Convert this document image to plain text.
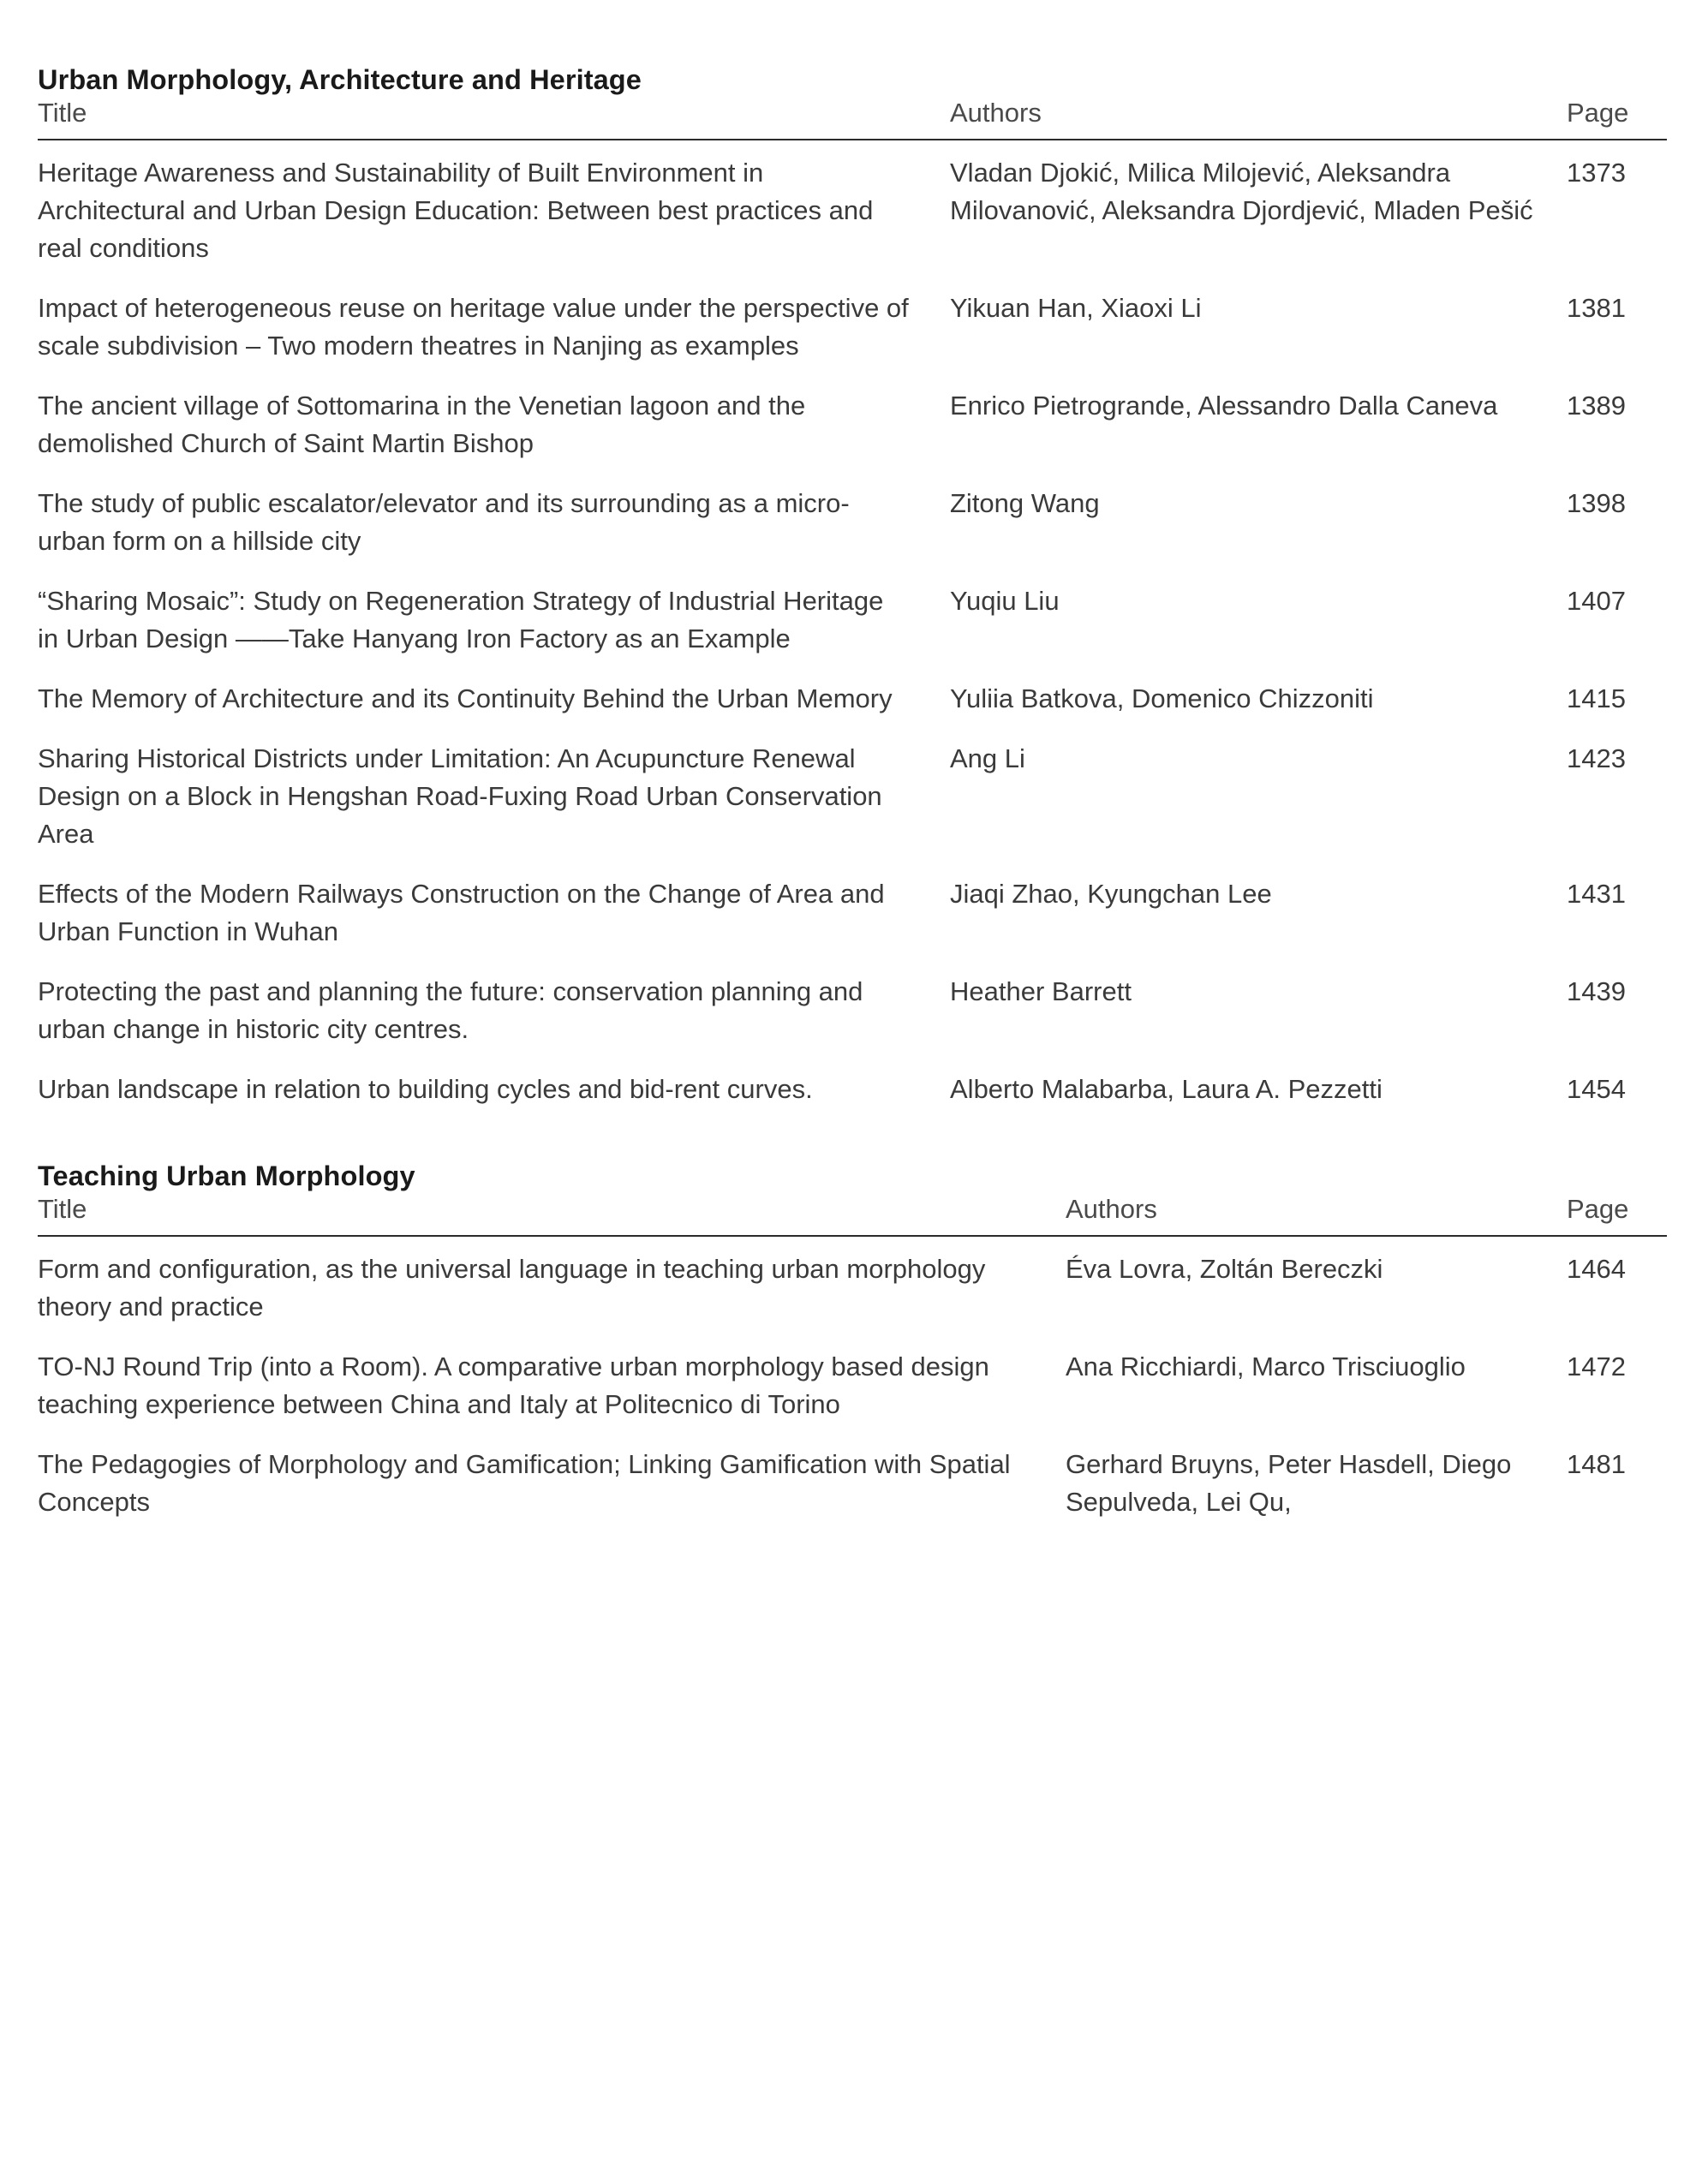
Urban Morphology, Architecture and Heritage
Title	Authors	Page
Heritage Awareness and Sustainability of Built Environment in Architectural and Urban Design Education: Between best practices and real conditions	Vladan Djokić, Milica Milojević, Aleksandra Milovanović, Aleksandra Djordjević, Mladen Pešić	1373
Impact of heterogeneous reuse on heritage value under the perspective of scale subdivision – Two modern theatres in Nanjing as examples	Yikuan Han, Xiaoxi Li	1381
The ancient village of Sottomarina in the Venetian lagoon and the demolished Church of Saint Martin Bishop	Enrico Pietrogrande, Alessandro Dalla Caneva	1389
The study of public escalator/elevator and its surrounding as a micro-urban form on a hillside city	Zitong Wang	1398
“Sharing Mosaic”: Study on Regeneration Strategy of Industrial Heritage in Urban Design ——Take Hanyang Iron Factory as an Example	Yuqiu Liu	1407
The Memory of Architecture and its Continuity Behind the Urban Memory	Yuliia Batkova, Domenico Chizzoniti	1415
Sharing Historical Districts under Limitation: An Acupuncture Renewal Design on a Block in Hengshan Road-Fuxing Road Urban Conservation Area	Ang Li	1423
Effects of the Modern Railways Construction on the Change of Area and Urban Function in Wuhan	Jiaqi Zhao, Kyungchan Lee	1431
Protecting the past and planning the future: conservation planning and urban change in historic city centres.	Heather Barrett	1439
Urban landscape in relation to building cycles and bid-rent curves.	Alberto Malabarba, Laura A. Pezzetti	1454
Teaching Urban Morphology
Title	Authors	Page
Form and configuration, as the universal language in teaching urban morphology theory and practice	Éva Lovra, Zoltán Bereczki	1464
TO-NJ Round Trip (into a Room). A comparative urban morphology based design teaching experience between China and Italy at Politecnico di Torino	Ana Ricchiardi, Marco Trisciuoglio	1472
The Pedagogies of Morphology and Gamification; Linking Gamification with Spatial Concepts	Gerhard Bruyns, Peter Hasdell, Diego Sepulveda, Lei Qu,	1481
